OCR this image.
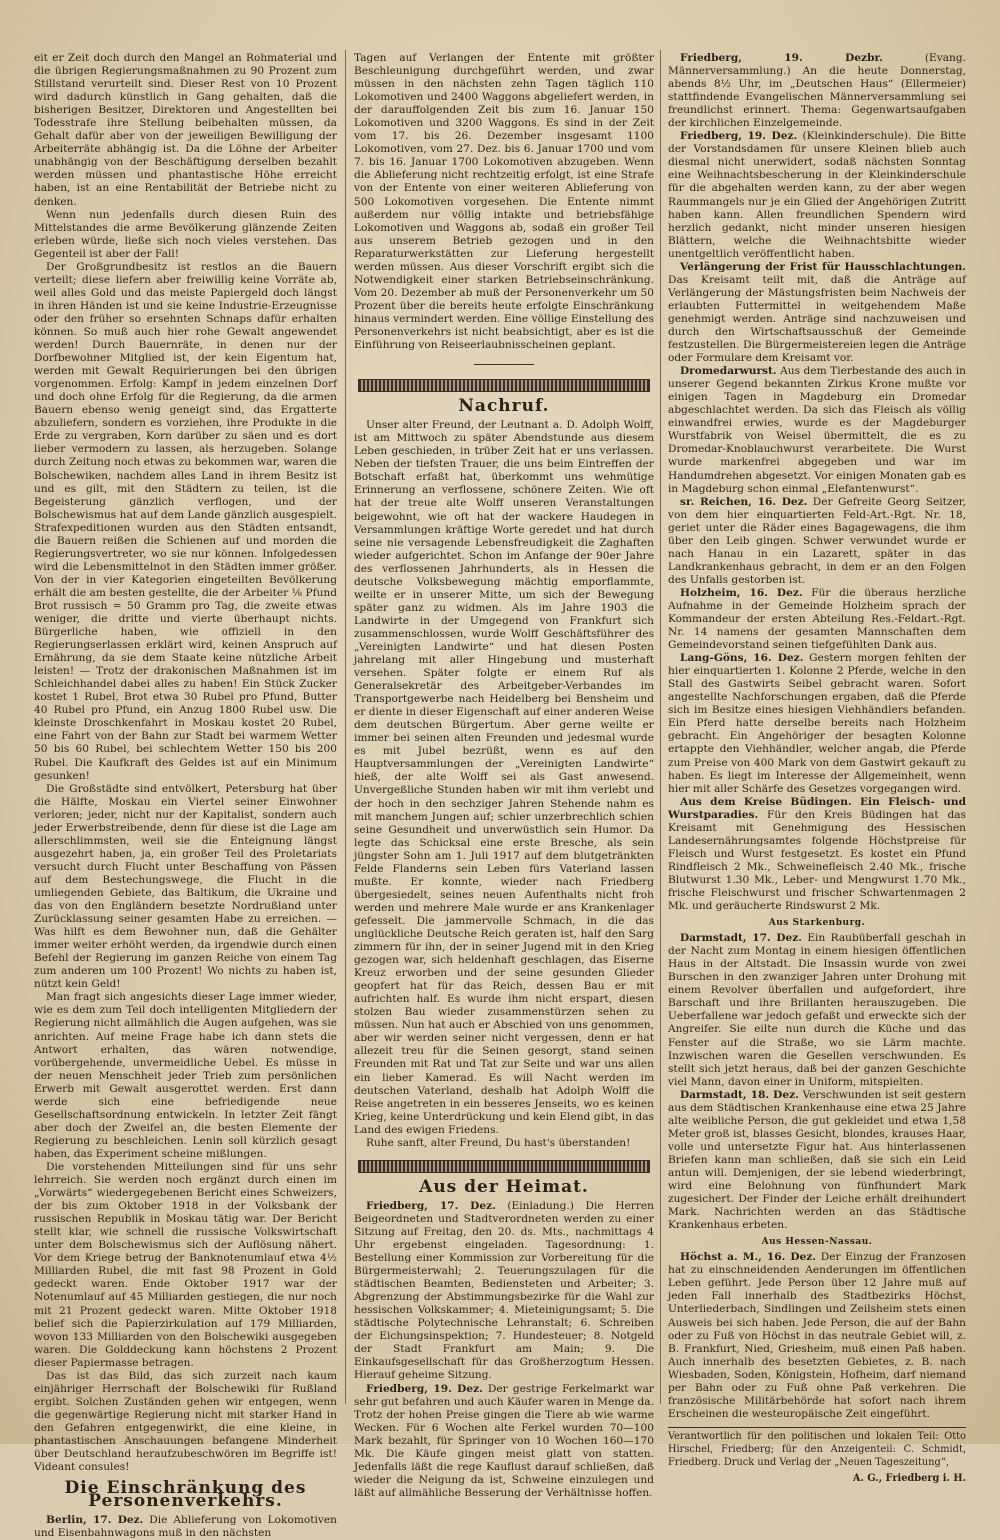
eit er Zeit doch durch den Mangel an Rohmaterial und die übrigen Regierungsmaßnahmen zu 90 Prozent zum Stillstand verurteilt sind. Dieser Rest von 10 Prozent wird dadurch künstlich in Gang gehalten, daß die bisherigen Besitzer, Direktoren und Angestellten bei Todesstrafe ihre Stellung beibehalten müssen, da Gehalt dafür aber von der jeweiligen Bewilligung der Arbeiterräte abhängig ist. Da die Löhne der Arbeiter unabhängig von der Beschäftigung derselben bezahlt werden müssen und phantastische Höhe erreicht haben, ist an eine Rentabilität der Betriebe nicht zu denken.

Wenn nun jedenfalls durch diesen Ruin des Mittelstandes die arme Bevölkerung glänzende Zeiten erleben würde, ließe sich noch vieles verstehen. Das Gegenteil ist aber der Fall!

Der Großgrundbesitz ist restlos an die Bauern verteilt; diese liefern aber freiwillig keine Vorräte ab, weil alles Gold und das meiste Papiergeld doch längst in ihren Händen ist und sie keine Industrie-Erzeugnisse oder den früher so ersehnten Schnaps dafür erhalten können. So muß auch hier rohe Gewalt angewendet werden! Durch Bauernräte, in denen nur der Dorfbewohner Mitglied ist, der kein Eigentum hat, werden mit Gewalt Requirierungen bei den übrigen vorgenommen. Erfolg: Kampf in jedem einzelnen Dorf und doch ohne Erfolg für die Regierung, da die armen Bauern ebenso wenig geneigt sind, das Ergatterte abzuliefern, sondern es vorziehen, ihre Produkte in die Erde zu vergraben, Korn darüber zu säen und es dort lieber vermodern zu lassen, als herzugeben. Solange durch Zeitung noch etwas zu bekommen war, waren die Bolschewiken, nachdem alles Land in ihrem Besitz ist und es gilt, mit den Städtern zu teilen, ist die Begeisterung gänzlich verflogen, und der Bolschewismus hat auf dem Lande gänzlich ausgespielt. Strafexpeditionen wurden aus den Städten entsandt, die Bauern reißen die Schienen auf und morden die Regierungsvertreter, wo sie nur können. Infolgedessen wird die Lebensmittelnot in den Städten immer größer. Von der in vier Kategorien eingeteilten Bevölkerung erhält die am besten gestellte, die der Arbeiter ⅛ Pfund Brot russisch = 50 Gramm pro Tag, die zweite etwas weniger, die dritte und vierte überhaupt nichts. Bürgerliche haben, wie offiziell in den Regierungserlassen erklärt wird, keinen Anspruch auf Ernährung, da sie dem Staate keine nützliche Arbeit leisten! — Trotz der drakonischen Maßnahmen ist im Schleichhandel dabei alles zu haben! Ein Stück Zucker kostet 1 Rubel, Brot etwa 30 Rubel pro Pfund, Butter 40 Rubel pro Pfund, ein Anzug 1800 Rubel usw. Die kleinste Droschkenfahrt in Moskau kostet 20 Rubel, eine Fahrt von der Bahn zur Stadt bei warmem Wetter 50 bis 60 Rubel, bei schlechtem Wetter 150 bis 200 Rubel. Die Kaufkraft des Geldes ist auf ein Minimum gesunken!

Die Großstädte sind entvölkert, Petersburg hat über die Hälfte, Moskau ein Viertel seiner Einwohner verloren; jeder, nicht nur der Kapitalist, sondern auch jeder Erwerbstreibende, denn für diese ist die Lage am allerschlimmsten, weil sie die Enteignung längst ausgezehrt haben, ja, ein großer Teil des Proletariats versucht durch Flucht unter Beschaffung von Pässen auf dem Bestechungswege, die Flucht in die umliegenden Gebiete, das Baltikum, die Ukraine und das von den Engländern besetzte Nordrußland unter Zurücklassung seiner gesamten Habe zu erreichen. — Was hilft es dem Bewohner nun, daß die Gehälter immer weiter erhöht werden, da irgendwie durch einen Befehl der Regierung im ganzen Reiche von einem Tag zum anderen um 100 Prozent! Wo nichts zu haben ist, nützt kein Geld!

Man fragt sich angesichts dieser Lage immer wieder, wie es dem zum Teil doch intelligenten Mitgliedern der Regierung nicht allmählich die Augen aufgehen, was sie anrichten. Auf meine Frage habe ich dann stets die Antwort erhalten, das wären notwendige, vorübergehende, unvermeidliche Uebel. Es müsse in der neuen Menschheit jeder Trieb zum persönlichen Erwerb mit Gewalt ausgerottet werden. Erst dann werde sich eine befriedigende neue Gesellschaftsordnung entwickeln. In letzter Zeit fängt aber doch der Zweifel an, die besten Elemente der Regierung zu beschleichen. Lenin soll kürzlich gesagt haben, das Experiment scheine mißlungen.

Die vorstehenden Mitteilungen sind für uns sehr lehrreich. Sie werden noch ergänzt durch einen im „Vorwärts“ wiedergegebenen Bericht eines Schweizers, der bis zum Oktober 1918 in der Volksbank der russischen Republik in Moskau tätig war. Der Bericht stellt klar, wie schnell die russische Volkswirtschaft unter dem Bolschewismus sich der Auflösung nähert. Vor dem Kriege betrug der Banknotenumlauf etwa 4½ Milliarden Rubel, die mit fast 98 Prozent in Gold gedeckt waren. Ende Oktober 1917 war der Notenumlauf auf 45 Milliarden gestiegen, die nur noch mit 21 Prozent gedeckt waren. Mitte Oktober 1918 belief sich die Papierzirkulation auf 179 Milliarden, wovon 133 Milliarden von den Bolschewiki ausgegeben waren. Die Golddeckung kann höchstens 2 Prozent dieser Papiermasse betragen.

Das ist das Bild, das sich zurzeit nach kaum einjähriger Herrschaft der Bolschewiki für Rußland ergibt. Solchen Zuständen gehen wir entgegen, wenn die gegenwärtige Regierung nicht mit starker Hand in den Gefahren entgegenwirkt, die eine kleine, in phantastischen Anschauungen befangene Minderheit über Deutschland heraufzubeschwören im Begriffe ist! Videant consules!

Die Einschränkung des Personenverkehrs.

Berlin, 17. Dez. Die Ablieferung von Lokomotiven und Eisenbahnwagons muß in den nächsten

Tagen auf Verlangen der Entente mit größter Beschleunigung durchgeführt werden, und zwar müssen in den nächsten zehn Tagen täglich 110 Lokomotiven und 2400 Waggons abgeliefert werden, in der darauffolgenden Zeit bis zum 16. Januar 150 Lokomotiven und 3200 Waggons. Es sind in der Zeit vom 17. bis 26. Dezember insgesamt 1100 Lokomotiven, vom 27. Dez. bis 6. Januar 1700 und vom 7. bis 16. Januar 1700 Lokomotiven abzugeben. Wenn die Ablieferung nicht rechtzeitig erfolgt, ist eine Strafe von der Entente von einer weiteren Ablieferung von 500 Lokomotiven vorgesehen. Die Entente nimmt außerdem nur völlig intakte und betriebsfähige Lokomotiven und Waggons ab, sodaß ein großer Teil aus unserem Betrieb gezogen und in den Reparaturwerkstätten zur Lieferung hergestellt werden müssen. Aus dieser Vorschrift ergibt sich die Notwendigkeit einer starken Betriebseinschränkung. Vom 20. Dezember ab muß der Personenverkehr um 50 Prozent über die bereits heute erfolgte Einschränkung hinaus vermindert werden. Eine völlige Einstellung des Personenverkehrs ist nicht beabsichtigt, aber es ist die Einführung von Reiseerlaubnisscheinen geplant.

Nachruf.

Unser alter Freund, der Leutnant a. D. Adolph Wolff, ist am Mittwoch zu später Abendstunde aus diesem Leben geschieden, in trüber Zeit hat er uns verlassen. Neben der tiefsten Trauer, die uns beim Eintreffen der Botschaft erfaßt hat, überkommt uns wehmütige Erinnerung an verflossene, schönere Zeiten. Wie oft hat der treue alte Wolff unseren Veranstaltungen beigewohnt, wie oft hat der wackere Haudegen in Versammlungen kräftige Worte geredet und hat durch seine nie versagende Lebensfreudigkeit die Zaghaften wieder aufgerichtet. Schon im Anfange der 90er Jahre des verflossenen Jahrhunderts, als in Hessen die deutsche Volksbewegung mächtig emporflammte, weilte er in unserer Mitte, um sich der Bewegung später ganz zu widmen. Als im Jahre 1903 die Landwirte in der Umgegend von Frankfurt sich zusammenschlossen, wurde Wolff Geschäftsführer des „Vereinigten Landwirte“ und hat diesen Posten jahrelang mit aller Hingebung und musterhaft versehen. Später folgte er einem Ruf als Generalsekretär des Arbeitgeber-Verbandes im Transportgewerbe nach Heidelberg bei Bensheim und er diente in dieser Eigenschaft auf einer anderen Weise dem deutschen Bürgertum. Aber gerne weilte er immer bei seinen alten Freunden und jedesmal wurde es mit Jubel bezrüßt, wenn es auf den Hauptversammlungen der „Vereinigten Landwirte“ hieß, der alte Wolff sei als Gast anwesend. Unvergeßliche Stunden haben wir mit ihm verlebt und der hoch in den sechziger Jahren Stehende nahm es mit manchem Jungen auf; schier unzerbrechlich schien seine Gesundheit und unverwüstlich sein Humor. Da legte das Schicksal eine erste Bresche, als sein jüngster Sohn am 1. Juli 1917 auf dem blutgetränkten Felde Flanderns sein Leben fürs Vaterland lassen mußte. Er konnte, wieder nach Friedberg übergesiedelt, seines neuen Aufenthalts nicht froh werden und mehrere Male wurde er ans Krankenlager gefesselt. Die jammervolle Schmach, in die das unglückliche Deutsche Reich geraten ist, half den Sarg zimmern für ihn, der in seiner Jugend mit in den Krieg gezogen war, sich heldenhaft geschlagen, das Eiserne Kreuz erworben und der seine gesunden Glieder geopfert hat für das Reich, dessen Bau er mit aufrichten half. Es wurde ihm nicht erspart, diesen stolzen Bau wieder zusammenstürzen sehen zu müssen. Nun hat auch er Abschied von uns genommen, aber wir werden seiner nicht vergessen, denn er hat allezeit treu für die Seinen gesorgt, stand seinen Freunden mit Rat und Tat zur Seite und war uns allen ein lieber Kamerad. Es will Nacht werden im deutschen Vaterland, deshalb hat Adolph Wolff die Reise angetreten in ein besseres Jenseits, wo es keinen Krieg, keine Unterdrückung und kein Elend gibt, in das Land des ewigen Friedens.

Ruhe sanft, alter Freund, Du hast's überstanden!

Aus der Heimat.

Friedberg, 17. Dez. (Einladung.) Die Herren Beigeordneten und Stadtverordneten werden zu einer Sitzung auf Freitag, den 20. ds. Mts., nachmittags 4 Uhr ergebenst eingeladen. Tagesordnung: 1. Bestellung einer Kommission zur Vorbereitung für die Bürgermeisterwahl; 2. Teuerungszulagen für die städtischen Beamten, Bediensteten und Arbeiter; 3. Abgrenzung der Abstimmungsbezirke für die Wahl zur hessischen Volkskammer; 4. Mieteinigungsamt; 5. Die städtische Polytechnische Lehranstalt; 6. Schreiben der Eichungsinspektion; 7. Hundesteuer; 8. Notgeld der Stadt Frankfurt am Main; 9. Die Einkaufsgesellschaft für das Großherzogtum Hessen. Hierauf geheime Sitzung.

Friedberg, 19. Dez. Der gestrige Ferkelmarkt war sehr gut befahren und auch Käufer waren in Menge da. Trotz der hohen Preise gingen die Tiere ab wie warme Wecken. Für 6 Wochen alte Ferkel wurden 70—100 Mark bezahlt, für Springer von 10 Wochen 160—170 Mk. Die Käufe gingen meist glatt von statten. Jedenfalls läßt die rege Kauflust darauf schließen, daß wieder die Neigung da ist, Schweine einzulegen und läßt auf allmähliche Besserung der Verhältnisse hoffen.

Friedberg, 19. Dezbr.	(Evang. Männerversammlung.) An die heute Donnerstag, abends 8½ Uhr, im „Deutschen Haus“ (Ellermeier) stattfindende Evangelischen Männerversammlung sei freundlichst erinnert. Thema: Gegenwartsaufgaben der kirchlichen Einzelgemeinde.

Friedberg, 19. Dez. (Kleinkinderschule). Die Bitte der Vorstandsdamen für unsere Kleinen blieb auch diesmal nicht unerwidert, sodaß nächsten Sonntag eine Weihnachtsbescherung in der Kleinkinderschule für die abgehalten werden kann, zu der aber wegen Raummangels nur je ein Glied der Angehörigen Zutritt haben kann. Allen freundlichen Spendern wird herzlich gedankt, nicht minder unseren hiesigen Blättern, welche die Weihnachtsbitte wieder unentgeltlich veröffentlicht haben.

Verlängerung der Frist für Hausschlachtungen. Das Kreisamt teilt mit, daß die Anträge auf Verlängerung der Mästungsfristen beim Nachweis der erlaubten Futtermittel in weitgehendem Maße genehmigt werden. Anträge sind nachzuweisen und durch den Wirtschaftsausschuß der Gemeinde festzustellen. Die Bürgermeistereien legen die Anträge oder Formulare dem Kreisamt vor.

Dromedarwurst. Aus dem Tierbestande des auch in unserer Gegend bekannten Zirkus Krone mußte vor einigen Tagen in Magdeburg ein Dromedar abgeschlachtet werden. Da sich das Fleisch als völlig einwandfrei erwies, wurde es der Magdeburger Wurstfabrik von Weisel übermittelt, die es zu Dromedar-Knoblauchwurst verarbeitete. Die Wurst wurde markenfrei abgegeben und war im Handumdrehen abgesetzt. Vor einigen Monaten gab es in Magdeburg schon einmal „Elefantenwurst“.

sr. Reichen, 16. Dez. Der Gefreite Georg Seitzer, von dem hier einquartierten Feld-Art.-Rgt. Nr. 18, geriet unter die Räder eines Bagagewagens, die ihm über den Leib gingen. Schwer verwundet wurde er nach Hanau in ein Lazarett, später in das Landkrankenhaus gebracht, in dem er an den Folgen des Unfalls gestorben ist.

Holzheim, 16. Dez. Für die überaus herzliche Aufnahme in der Gemeinde Holzheim sprach der Kommandeur der ersten Abteilung Res.-Feldart.-Rgt. Nr. 14 namens der gesamten Mannschaften dem Gemeindevorstand seinen tiefgefühlten Dank aus.

Lang-Göns, 16. Dez. Gestern morgen fehlten der hier einquartierten 1. Kolonne 2 Pferde, welche in den Stall des Gastwirts Seibel gebracht waren. Sofort angestellte Nachforschungen ergaben, daß die Pferde sich im Besitze eines hiesigen Viehhändlers befanden. Ein Pferd hatte derselbe bereits nach Holzheim gebracht. Ein Angehöriger der besagten Kolonne ertappte den Viehhändler, welcher angab, die Pferde zum Preise von 400 Mark von dem Gastwirt gekauft zu haben. Es liegt im Interesse der Allgemeinheit, wenn hier mit aller Schärfe des Gesetzes vorgegangen wird.

Aus dem Kreise Büdingen. Ein Fleisch- und Wurstparadies. Für den Kreis Büdingen hat das Kreisamt mit Genehmigung des Hessischen Landesernährungsamtes folgende Höchstpreise für Fleisch und Wurst festgesetzt. Es kostet ein Pfund Rindfleisch 2 Mk., Schweinefleisch 2.40 Mk., frische Blutwurst 1.30 Mk., Leber- und Mengwurst 1.70 Mk., frische Fleischwurst und frischer Schwartenmagen 2 Mk. und geräucherte Rindswurst 2 Mk.

Aus Starkenburg.

Darmstadt, 17. Dez. Ein Raubüberfall geschah in der Nacht zum Montag in einem hiesigen öffentlichen Haus in der Altstadt. Die Insassin wurde von zwei Burschen in den zwanziger Jahren unter Drohung mit einem Revolver überfallen und aufgefordert, ihre Barschaft und ihre Brillanten herauszugeben. Die Ueberfallene war jedoch gefaßt und erweckte sich der Angreifer. Sie eilte nun durch die Küche und das Fenster auf die Straße, wo sie Lärm machte. Inzwischen waren die Gesellen verschwunden. Es stellt sich jetzt heraus, daß bei der ganzen Geschichte viel Mann, davon einer in Uniform, mitspielten.

Darmstadt, 18. Dez. Verschwunden ist seit gestern aus dem Städtischen Krankenhause eine etwa 25 Jahre alte weibliche Person, die gut gekleidet und etwa 1,58 Meter groß ist, blasses Gesicht, blondes, krauses Haar, volle und untersetzte Figur hat. Aus hinterlassenen Briefen kann man schließen, daß sie sich ein Leid antun will. Demjenigen, der sie lebend wiederbringt, wird eine Belohnung von fünfhundert Mark zugesichert. Der Finder der Leiche erhält dreihundert Mark. Nachrichten werden an das Städtische Krankenhaus erbeten.

Aus Hessen-Nassau.

Höchst a. M., 16. Dez. Der Einzug der Franzosen hat zu einschneidenden Aenderungen im öffentlichen Leben geführt. Jede Person über 12 Jahre muß auf jeden Fall innerhalb des Stadtbezirks Höchst, Unterliederbach, Sindlingen und Zeilsheim stets einen Ausweis bei sich haben. Jede Person, die auf der Bahn oder zu Fuß von Höchst in das neutrale Gebiet will, z. B. Frankfurt, Nied, Griesheim, muß einen Paß haben. Auch innerhalb des besetzten Gebietes, z. B. nach Wiesbaden, Soden, Königstein, Hofheim, darf niemand per Bahn oder zu Fuß ohne Paß verkehren. Die französische Militärbehörde hat sofort nach ihrem Erscheinen die westeuropäische Zeit eingeführt.

Verantwortlich für den politischen und lokalen Teil: Otto Hirschel, Friedberg; für den Anzeigenteil: C. Schmidt, Friedberg. Druck und Verlag der „Neuen Tageszeitung“,
A. G., Friedberg i. H.
